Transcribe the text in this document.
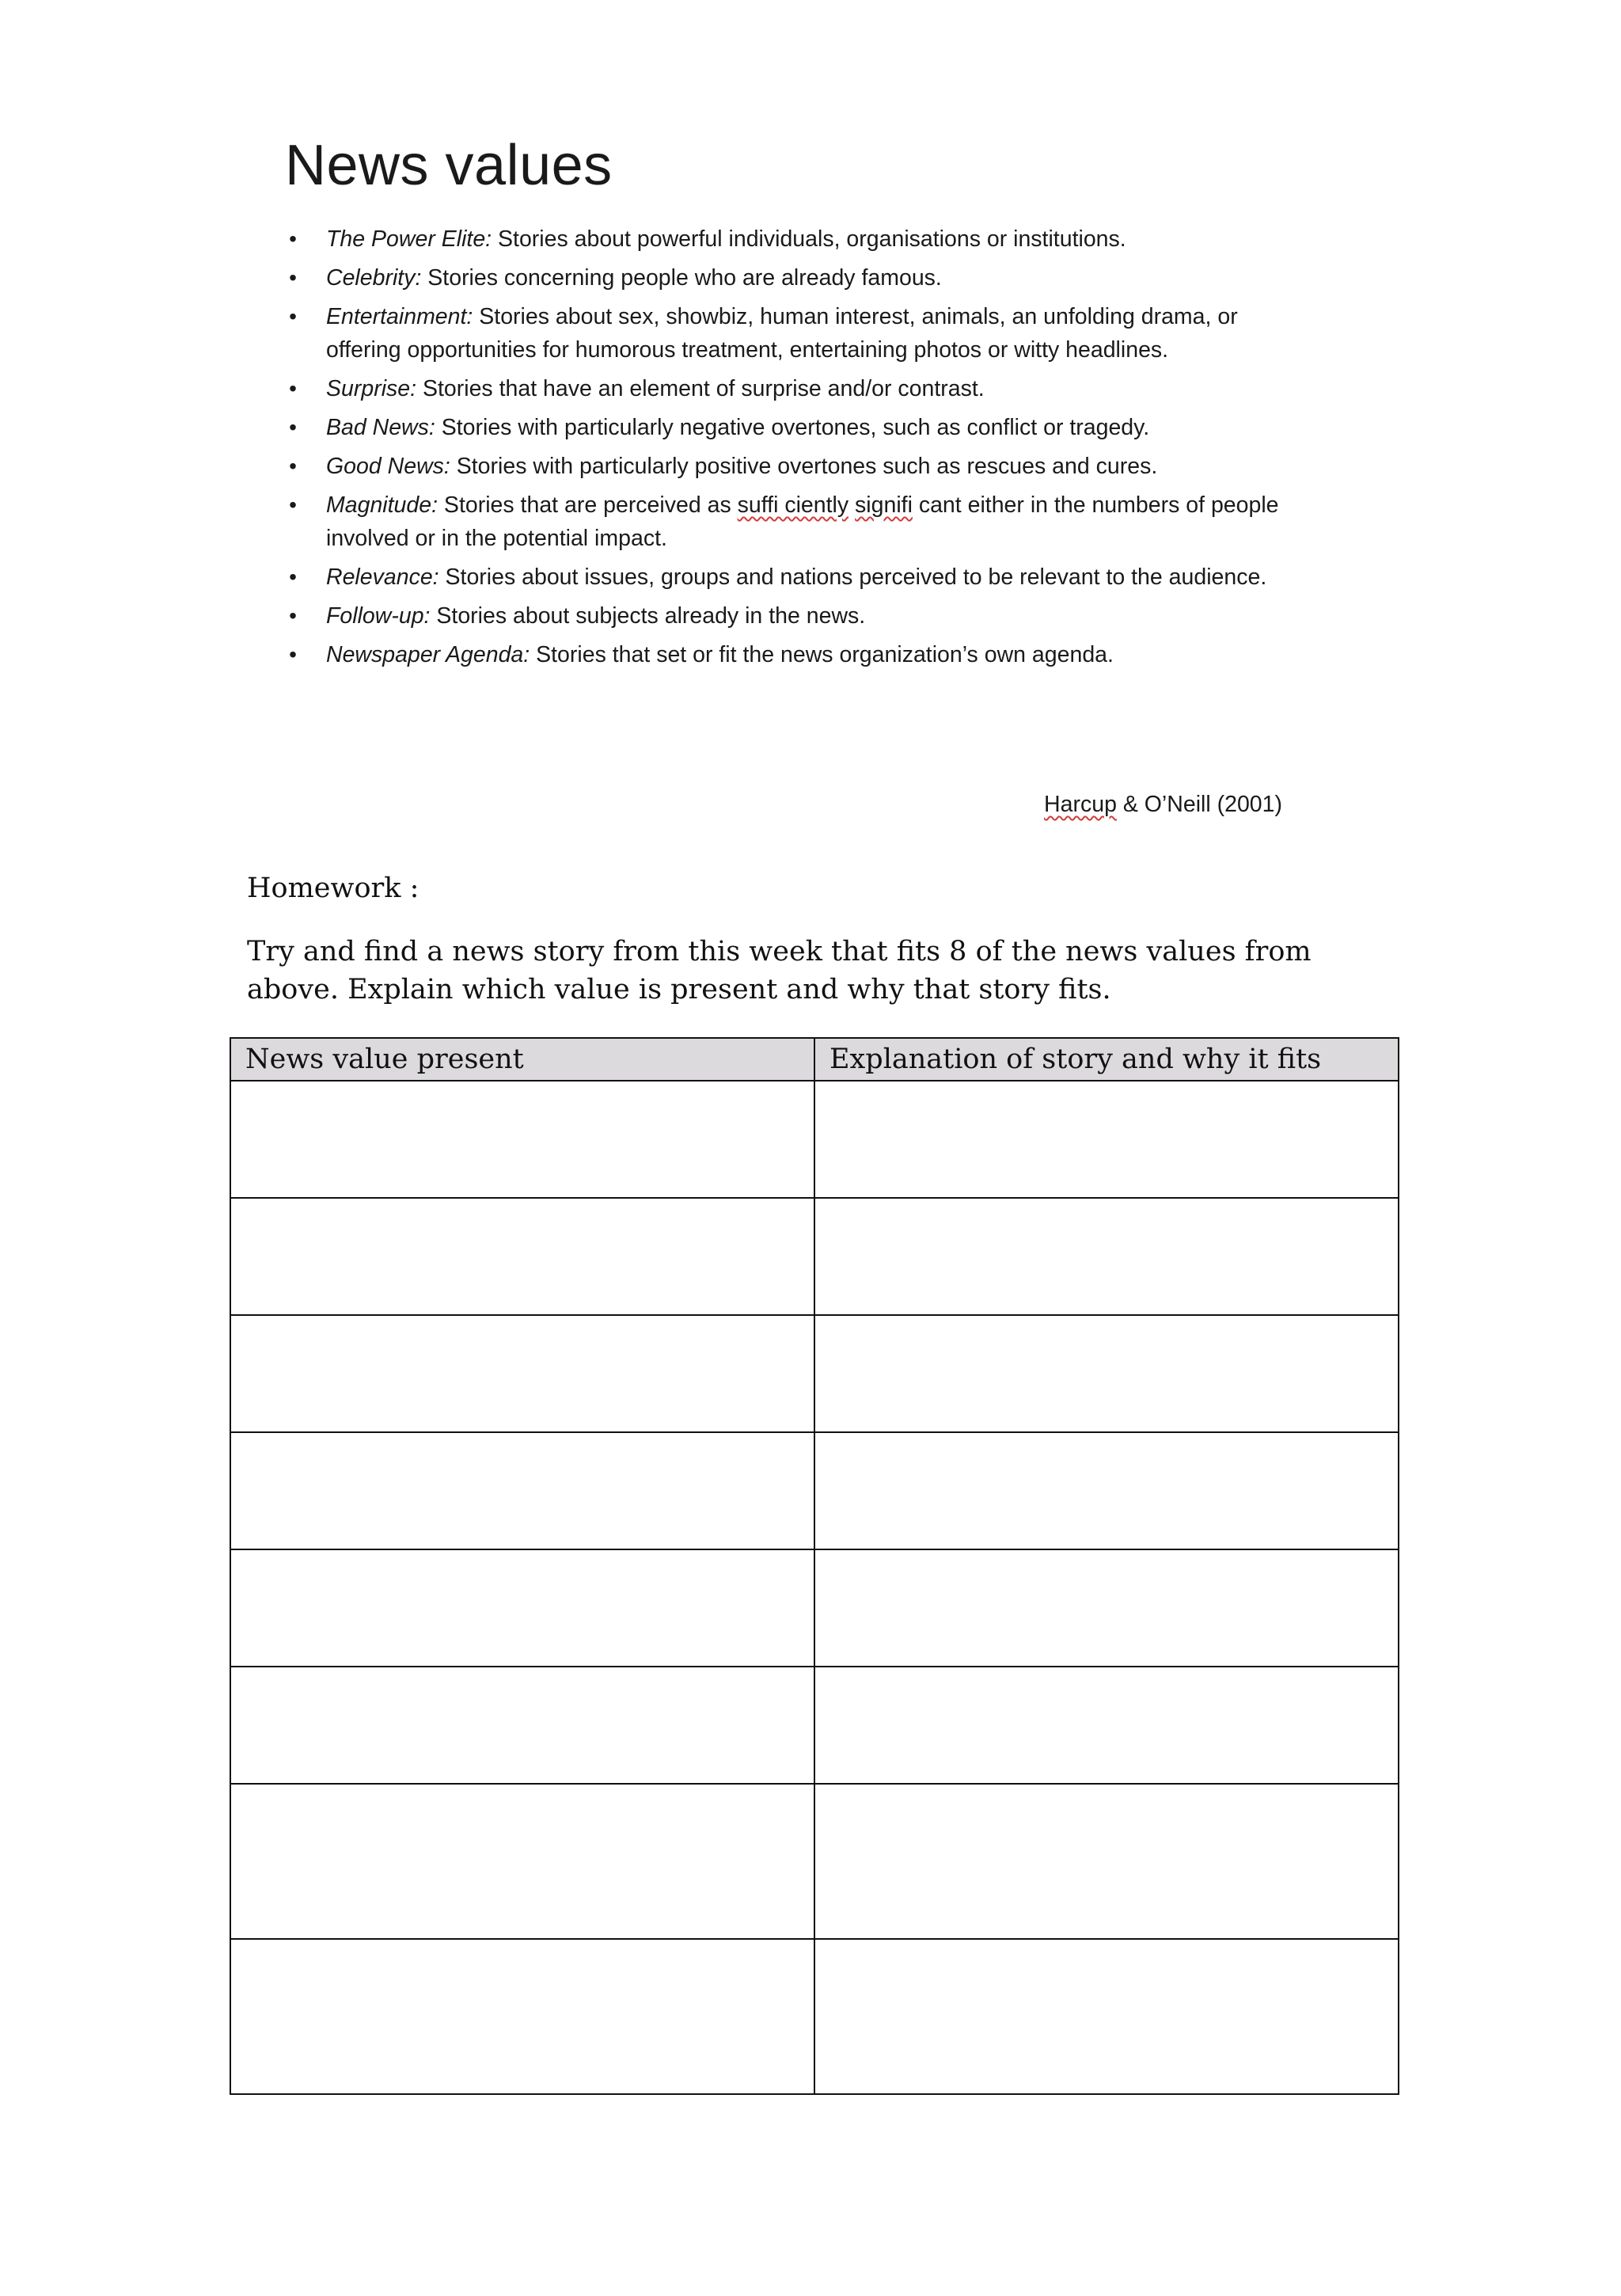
News values
• The Power Elite: Stories about powerful individuals, organisations or institutions.
• Celebrity: Stories concerning people who are already famous.
• Entertainment: Stories about sex, showbiz, human interest, animals, an unfolding drama, or offering opportunities for humorous treatment, entertaining photos or witty headlines.
• Surprise: Stories that have an element of surprise and/or contrast.
• Bad News: Stories with particularly negative overtones, such as conflict or tragedy.
• Good News: Stories with particularly positive overtones such as rescues and cures.
• Magnitude: Stories that are perceived as suffi ciently signifi cant either in the numbers of people involved or in the potential impact.
• Relevance: Stories about issues, groups and nations perceived to be relevant to the audience.
• Follow-up: Stories about subjects already in the news.
• Newspaper Agenda: Stories that set or fit the news organization’s own agenda.
Harcup & O’Neill (2001)

Homework :

Try and find a news story from this week that fits 8 of the news values from above. Explain which value is present and why that story fits.

News value present	Explanation of story and why it fits
